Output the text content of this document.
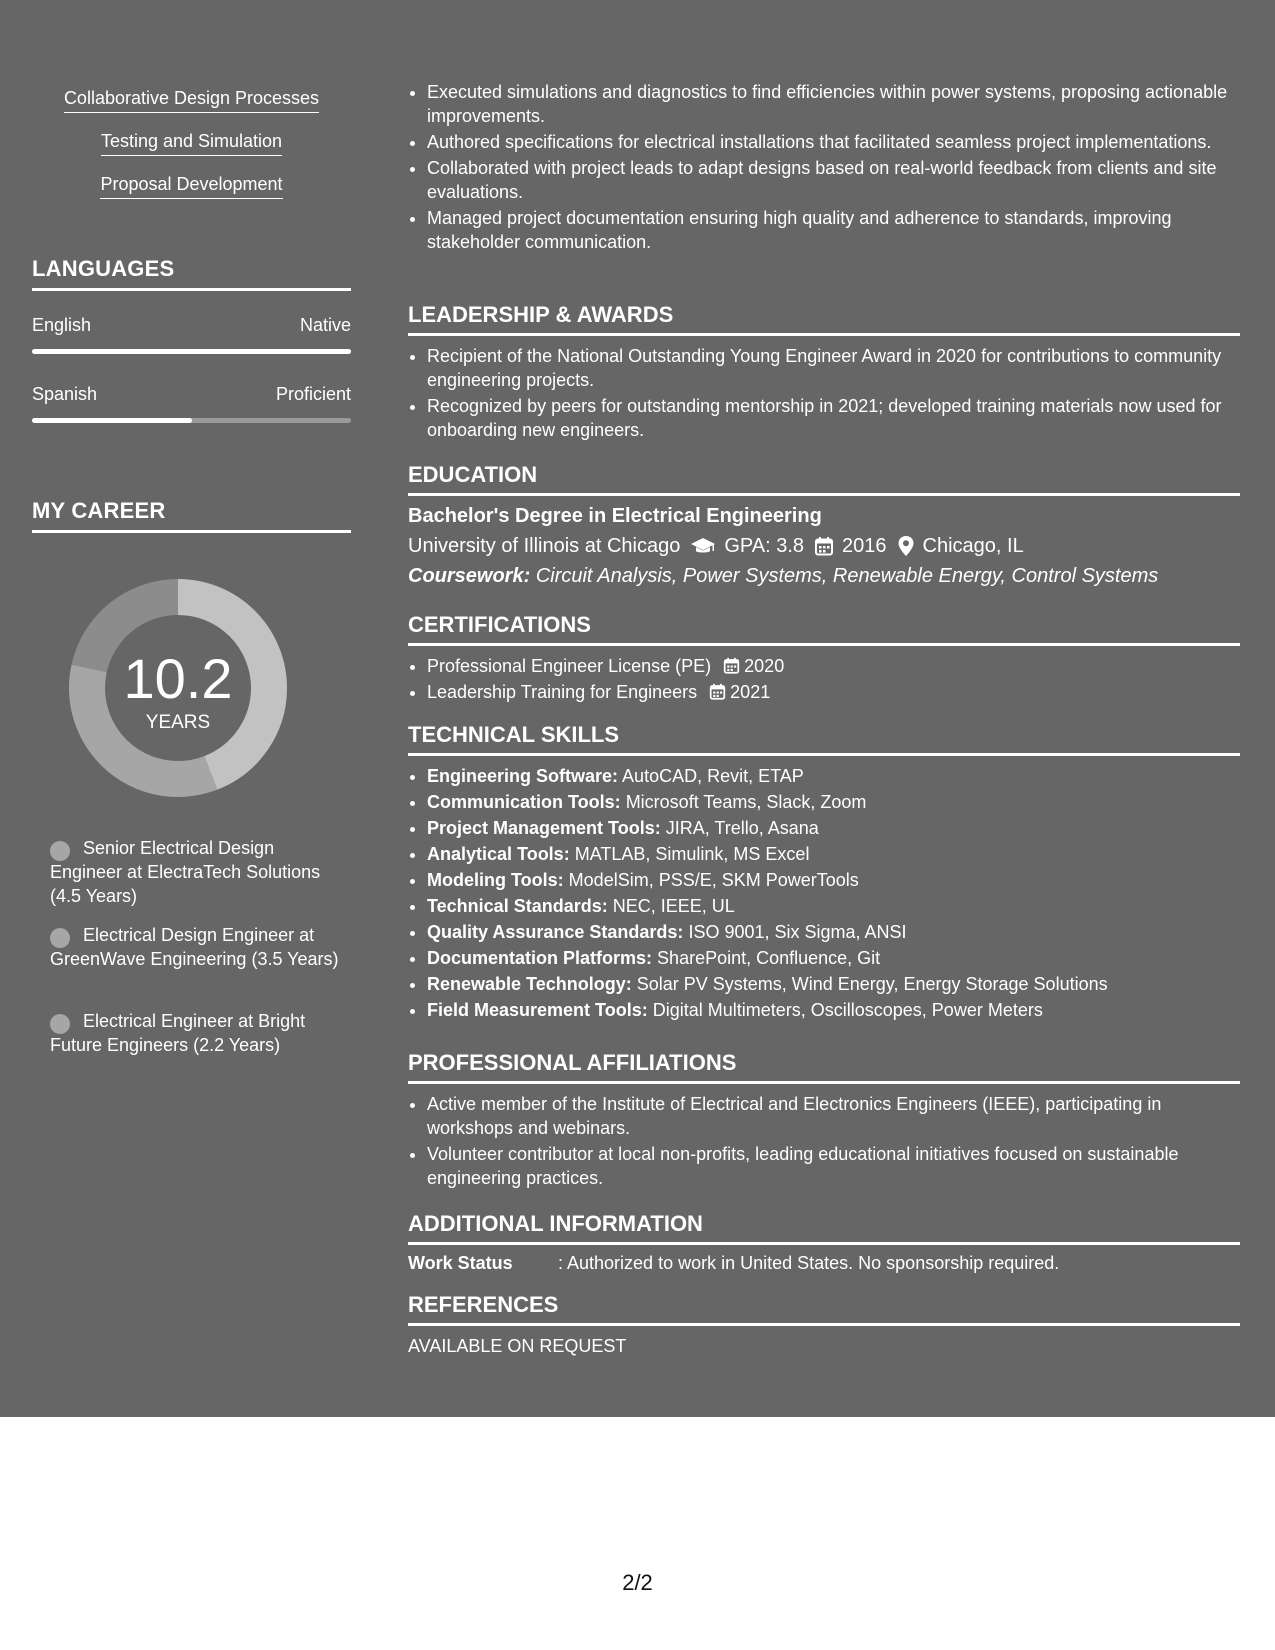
Collaborative Design Processes
Testing and Simulation
Proposal Development
LANGUAGES
English	Native
Spanish	Proficient
MY CAREER
10.2
YEARS
Senior Electrical Design Engineer at ElectraTech Solutions (4.5 Years)
Electrical Design Engineer at GreenWave Engineering (3.5 Years)
Electrical Engineer at Bright Future Engineers (2.2 Years)
• Executed simulations and diagnostics to find efficiencies within power systems, proposing actionable improvements.
• Authored specifications for electrical installations that facilitated seamless project implementations.
• Collaborated with project leads to adapt designs based on real-world feedback from clients and site evaluations.
• Managed project documentation ensuring high quality and adherence to standards, improving stakeholder communication.
LEADERSHIP & AWARDS
• Recipient of the National Outstanding Young Engineer Award in 2020 for contributions to community engineering projects.
• Recognized by peers for outstanding mentorship in 2021; developed training materials now used for onboarding new engineers.
EDUCATION
Bachelor's Degree in Electrical Engineering
University of Illinois at Chicago GPA: 3.8 2016 Chicago, IL
Coursework: Circuit Analysis, Power Systems, Renewable Energy, Control Systems
CERTIFICATIONS
• Professional Engineer License (PE) 2020
• Leadership Training for Engineers 2021
TECHNICAL SKILLS
• Engineering Software: AutoCAD, Revit, ETAP
• Communication Tools: Microsoft Teams, Slack, Zoom
• Project Management Tools: JIRA, Trello, Asana
• Analytical Tools: MATLAB, Simulink, MS Excel
• Modeling Tools: ModelSim, PSS/E, SKM PowerTools
• Technical Standards: NEC, IEEE, UL
• Quality Assurance Standards: ISO 9001, Six Sigma, ANSI
• Documentation Platforms: SharePoint, Confluence, Git
• Renewable Technology: Solar PV Systems, Wind Energy, Energy Storage Solutions
• Field Measurement Tools: Digital Multimeters, Oscilloscopes, Power Meters
PROFESSIONAL AFFILIATIONS
• Active member of the Institute of Electrical and Electronics Engineers (IEEE), participating in workshops and webinars.
• Volunteer contributor at local non-profits, leading educational initiatives focused on sustainable engineering practices.
ADDITIONAL INFORMATION
Work Status	: Authorized to work in United States. No sponsorship required.
REFERENCES
AVAILABLE ON REQUEST
2/2
